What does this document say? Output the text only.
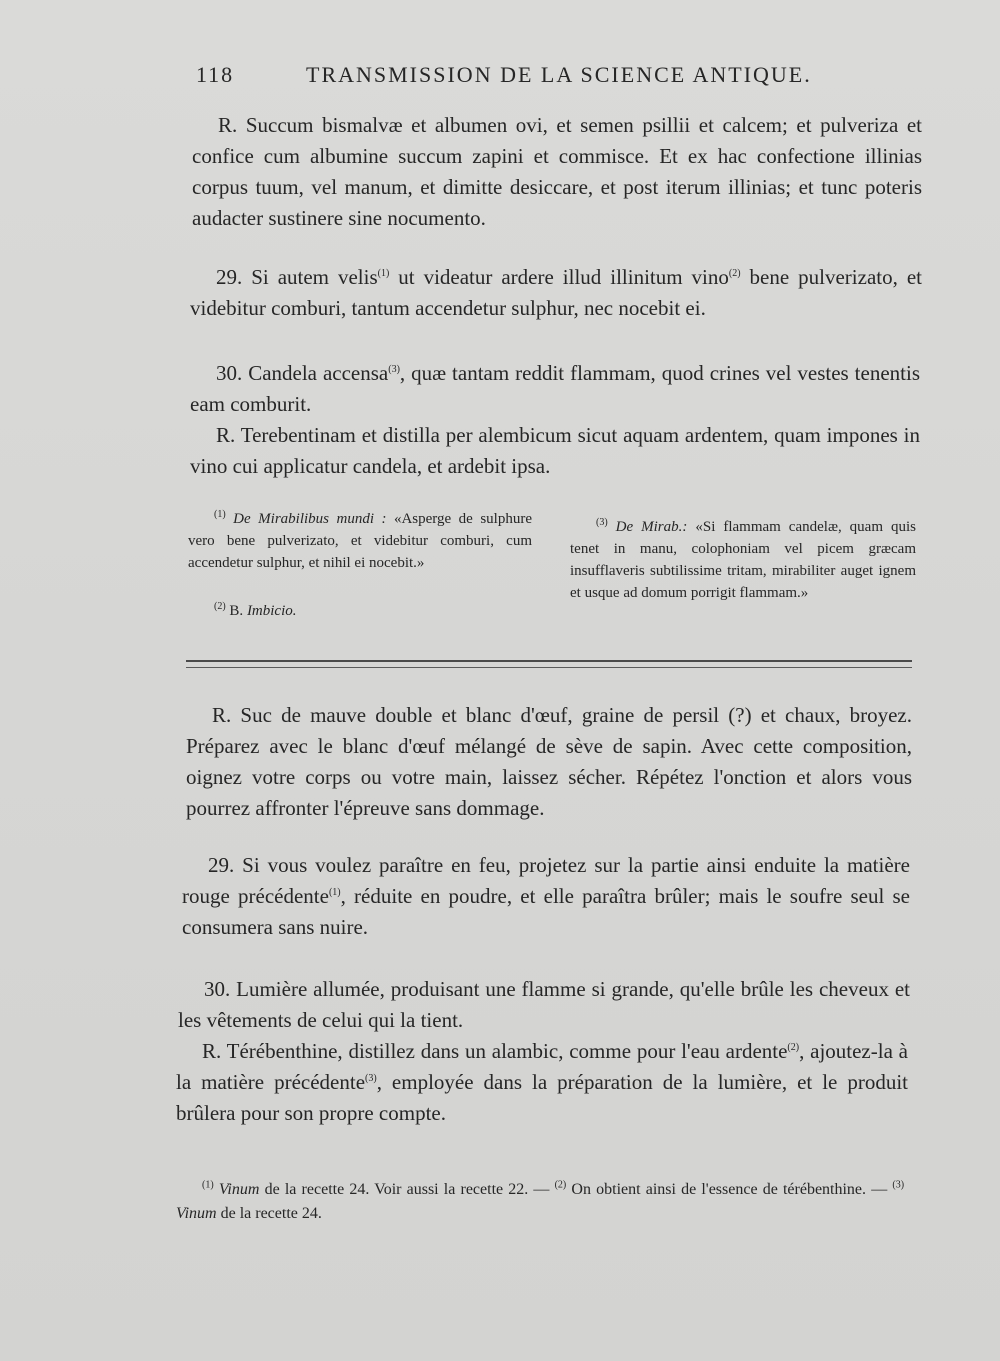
118	TRANSMISSION DE LA SCIENCE ANTIQUE.
R. Succum bismalvæ et albumen ovi, et semen psillii et calcem; et pulveriza et confice cum albumine succum zapini et commisce. Et ex hac confectione illinias corpus tuum, vel manum, et dimitte desiccare, et post iterum illinias; et tunc poteris audacter sustinere sine nocumento.
29. Si autem velis$^{(1)}$ ut videatur ardere illud illinitum vino$^{(2)}$ bene pulverizato, et videbitur comburi, tantum accendetur sulphur, nec nocebit ei.
30. Candela accensa$^{(3)}$, quæ tantam reddit flammam, quod crines vel vestes tenentis eam comburit.
R. Terebentinam et distilla per alembicum sicut aquam ardentem, quam impones in vino cui applicatur candela, et ardebit ipsa.
$^{(1)}$ De Mirabilibus mundi : «Asperge de sulphure vero bene pulverizato, et videbitur comburi, cum accendetur sulphur, et nihil ei nocebit.»
$^{(2)}$ B. Imbicio.
$^{(3)}$ De Mirab.: «Si flammam candelæ, quam quis tenet in manu, colophoniam vel picem græcam insufflaveris subtilissime tritam, mirabiliter auget ignem et usque ad domum porrigit flammam.»
R. Suc de mauve double et blanc d'œuf, graine de persil (?) et chaux, broyez. Préparez avec le blanc d'œuf mélangé de sève de sapin. Avec cette composition, oignez votre corps ou votre main, laissez sécher. Répétez l'onction et alors vous pourrez affronter l'épreuve sans dommage.
29. Si vous voulez paraître en feu, projetez sur la partie ainsi enduite la matière rouge précédente$^{(1)}$, réduite en poudre, et elle paraîtra brûler; mais le soufre seul se consumera sans nuire.
30. Lumière allumée, produisant une flamme si grande, qu'elle brûle les cheveux et les vêtements de celui qui la tient.
R. Térébenthine, distillez dans un alambic, comme pour l'eau ardente$^{(2)}$, ajoutez-la à la matière précédente$^{(3)}$, employée dans la préparation de la lumière, et le produit brûlera pour son propre compte.
$^{(1)}$ Vinum de la recette 24. Voir aussi la recette 22. — $^{(2)}$ On obtient ainsi de l'essence de térébenthine. — $^{(3)}$ Vinum de la recette 24.
